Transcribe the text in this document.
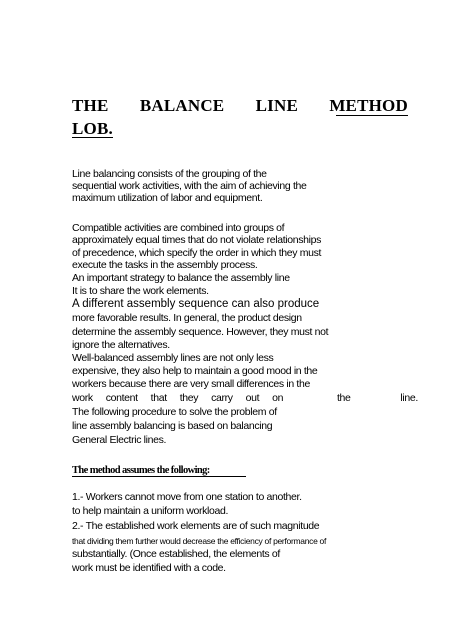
THE BALANCE LINE METHOD
LOB.
Line balancing consists of the grouping of the
sequential work activities, with the aim of achieving the
maximum utilization of labor and equipment.
Compatible activities are combined into groups of
approximately equal times that do not violate relationships
of precedence, which specify the order in which they must
execute the tasks in the assembly process.
An important strategy to balance the assembly line
It is to share the work elements.
A different assembly sequence can also produce
more favorable results. In general, the product design
determine the assembly sequence. However, they must not
ignore the alternatives.
Well-balanced assembly lines are not only less
expensive, they also help to maintain a good mood in the
workers because there are very small differences in the
work content that they carry out on	the	line.
The following procedure to solve the problem of
line assembly balancing is based on balancing
General Electric lines.
The method assumes the following:
1.- Workers cannot move from one station to another.
to help maintain a uniform workload.
2.- The established work elements are of such magnitude
that dividing them further would decrease the efficiency of performance of
substantially. (Once established, the elements of
work must be identified with a code.
